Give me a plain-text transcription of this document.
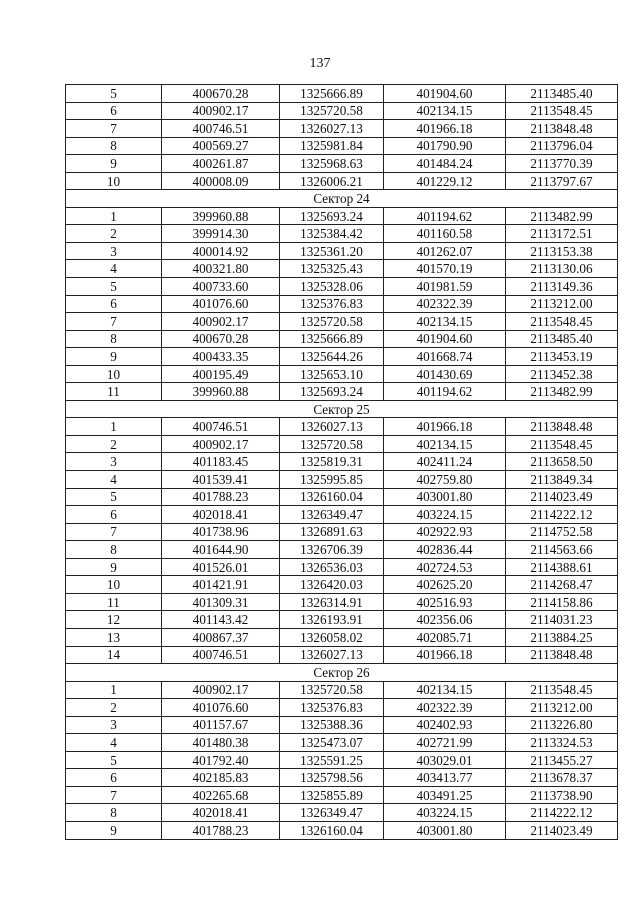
137
5	400670.28	1325666.89	401904.60	2113485.40
6	400902.17	1325720.58	402134.15	2113548.45
7	400746.51	1326027.13	401966.18	2113848.48
8	400569.27	1325981.84	401790.90	2113796.04
9	400261.87	1325968.63	401484.24	2113770.39
10	400008.09	1326006.21	401229.12	2113797.67
Сектор 24				
1	399960.88	1325693.24	401194.62	2113482.99
2	399914.30	1325384.42	401160.58	2113172.51
3	400014.92	1325361.20	401262.07	2113153.38
4	400321.80	1325325.43	401570.19	2113130.06
5	400733.60	1325328.06	401981.59	2113149.36
6	401076.60	1325376.83	402322.39	2113212.00
7	400902.17	1325720.58	402134.15	2113548.45
8	400670.28	1325666.89	401904.60	2113485.40
9	400433.35	1325644.26	401668.74	2113453.19
10	400195.49	1325653.10	401430.69	2113452.38
11	399960.88	1325693.24	401194.62	2113482.99
Сектор 25				
1	400746.51	1326027.13	401966.18	2113848.48
2	400902.17	1325720.58	402134.15	2113548.45
3	401183.45	1325819.31	402411.24	2113658.50
4	401539.41	1325995.85	402759.80	2113849.34
5	401788.23	1326160.04	403001.80	2114023.49
6	402018.41	1326349.47	403224.15	2114222.12
7	401738.96	1326891.63	402922.93	2114752.58
8	401644.90	1326706.39	402836.44	2114563.66
9	401526.01	1326536.03	402724.53	2114388.61
10	401421.91	1326420.03	402625.20	2114268.47
11	401309.31	1326314.91	402516.93	2114158.86
12	401143.42	1326193.91	402356.06	2114031.23
13	400867.37	1326058.02	402085.71	2113884.25
14	400746.51	1326027.13	401966.18	2113848.48
Сектор 26				
1	400902.17	1325720.58	402134.15	2113548.45
2	401076.60	1325376.83	402322.39	2113212.00
3	401157.67	1325388.36	402402.93	2113226.80
4	401480.38	1325473.07	402721.99	2113324.53
5	401792.40	1325591.25	403029.01	2113455.27
6	402185.83	1325798.56	403413.77	2113678.37
7	402265.68	1325855.89	403491.25	2113738.90
8	402018.41	1326349.47	403224.15	2114222.12
9	401788.23	1326160.04	403001.80	2114023.49
